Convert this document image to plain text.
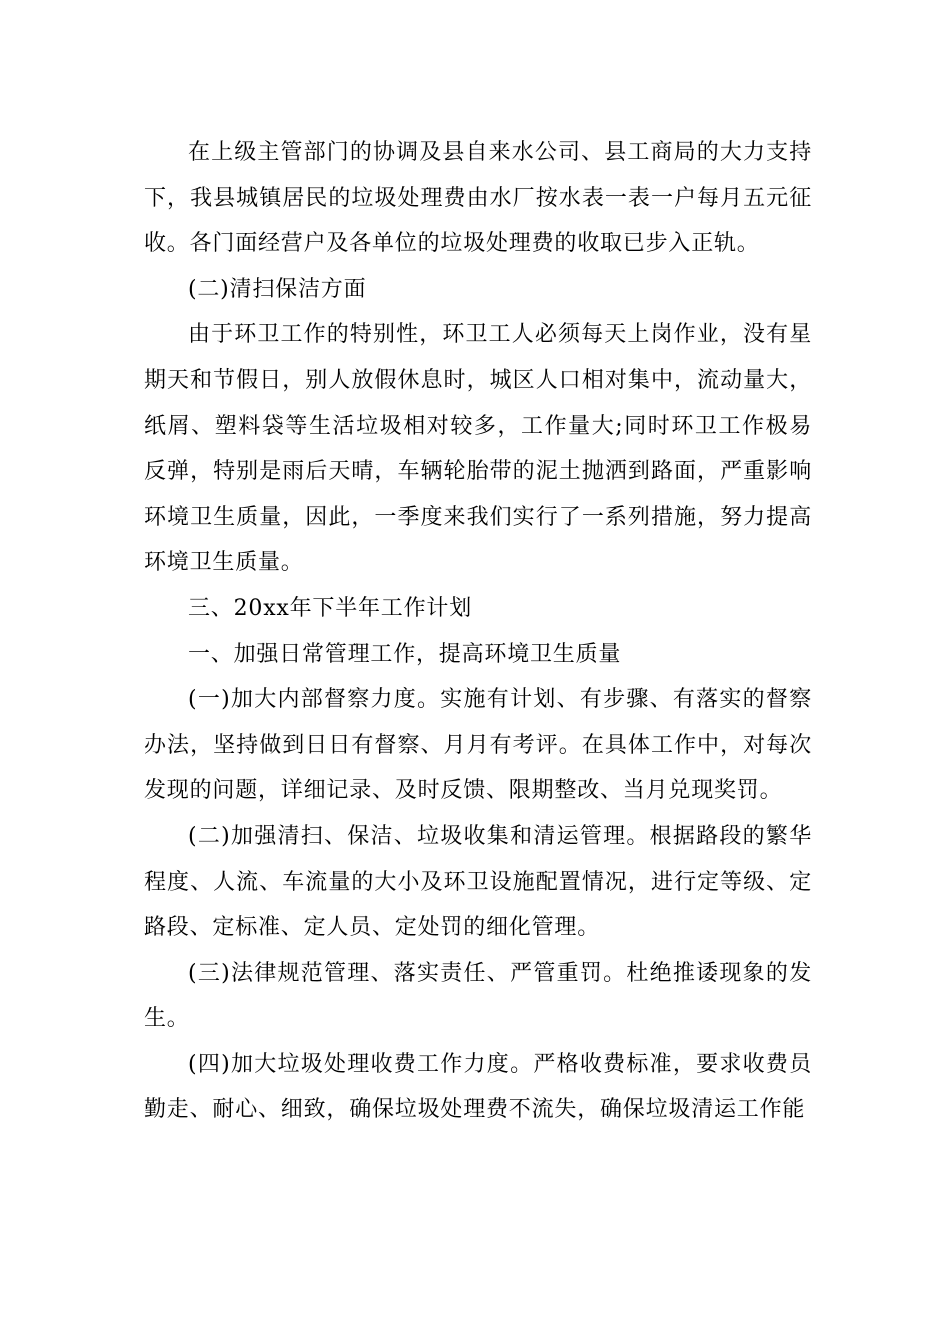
在上级主管部门的协调及县自来水公司、县工商局的大力支持下，我县城镇居民的垃圾处理费由水厂按水表一表一户每月五元征收。各门面经营户及各单位的垃圾处理费的收取已步入正轨。

(二)清扫保洁方面

由于环卫工作的特别性，环卫工人必须每天上岗作业，没有星期天和节假日，别人放假休息时，城区人口相对集中，流动量大，纸屑、塑料袋等生活垃圾相对较多，工作量大;同时环卫工作极易反弹，特别是雨后天晴，车辆轮胎带的泥土抛洒到路面，严重影响环境卫生质量，因此，一季度来我们实行了一系列措施，努力提高环境卫生质量。

三、20xx年下半年工作计划

一、加强日常管理工作，提高环境卫生质量

(一)加大内部督察力度。实施有计划、有步骤、有落实的督察办法，坚持做到日日有督察、月月有考评。在具体工作中，对每次发现的问题，详细记录、及时反馈、限期整改、当月兑现奖罚。

(二)加强清扫、保洁、垃圾收集和清运管理。根据路段的繁华程度、人流、车流量的大小及环卫设施配置情况，进行定等级、定路段、定标准、定人员、定处罚的细化管理。

(三)法律规范管理、落实责任、严管重罚。杜绝推诿现象的发生。

(四)加大垃圾处理收费工作力度。严格收费标准，要求收费员勤走、耐心、细致，确保垃圾处理费不流失，确保垃圾清运工作能
